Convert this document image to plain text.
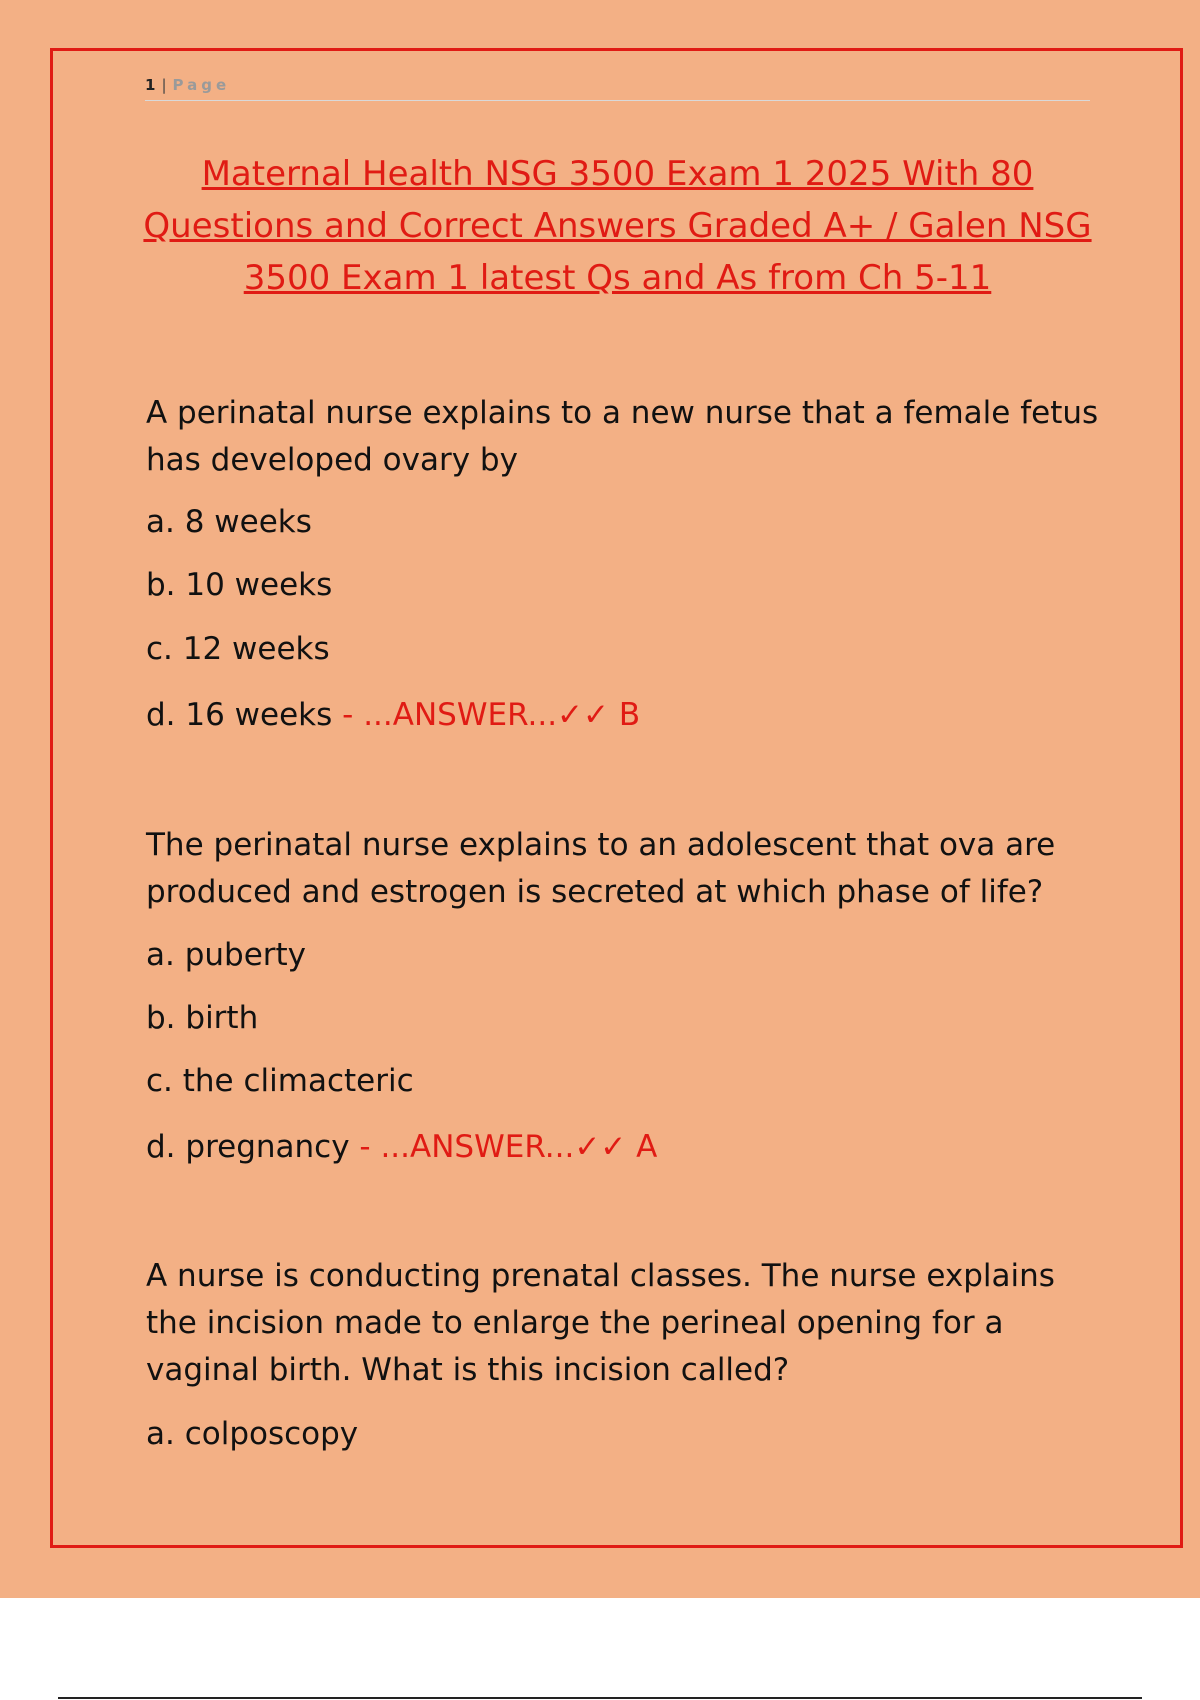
1 | Page
Maternal Health NSG 3500 Exam 1 2025 With 80 Questions and Correct Answers Graded A+ / Galen NSG 3500 Exam 1 latest Qs and As from Ch 5-11

A perinatal nurse explains to a new nurse that a female fetus has developed ovary by

a. 8 weeks

b. 10 weeks

c. 12 weeks

d. 16 weeks - ...ANSWER...✓✓ B

The perinatal nurse explains to an adolescent that ova are produced and estrogen is secreted at which phase of life?

a. puberty

b. birth

c. the climacteric

d. pregnancy - ...ANSWER...✓✓ A

A nurse is conducting prenatal classes. The nurse explains the incision made to enlarge the perineal opening for a vaginal birth. What is this incision called?

a. colposcopy
